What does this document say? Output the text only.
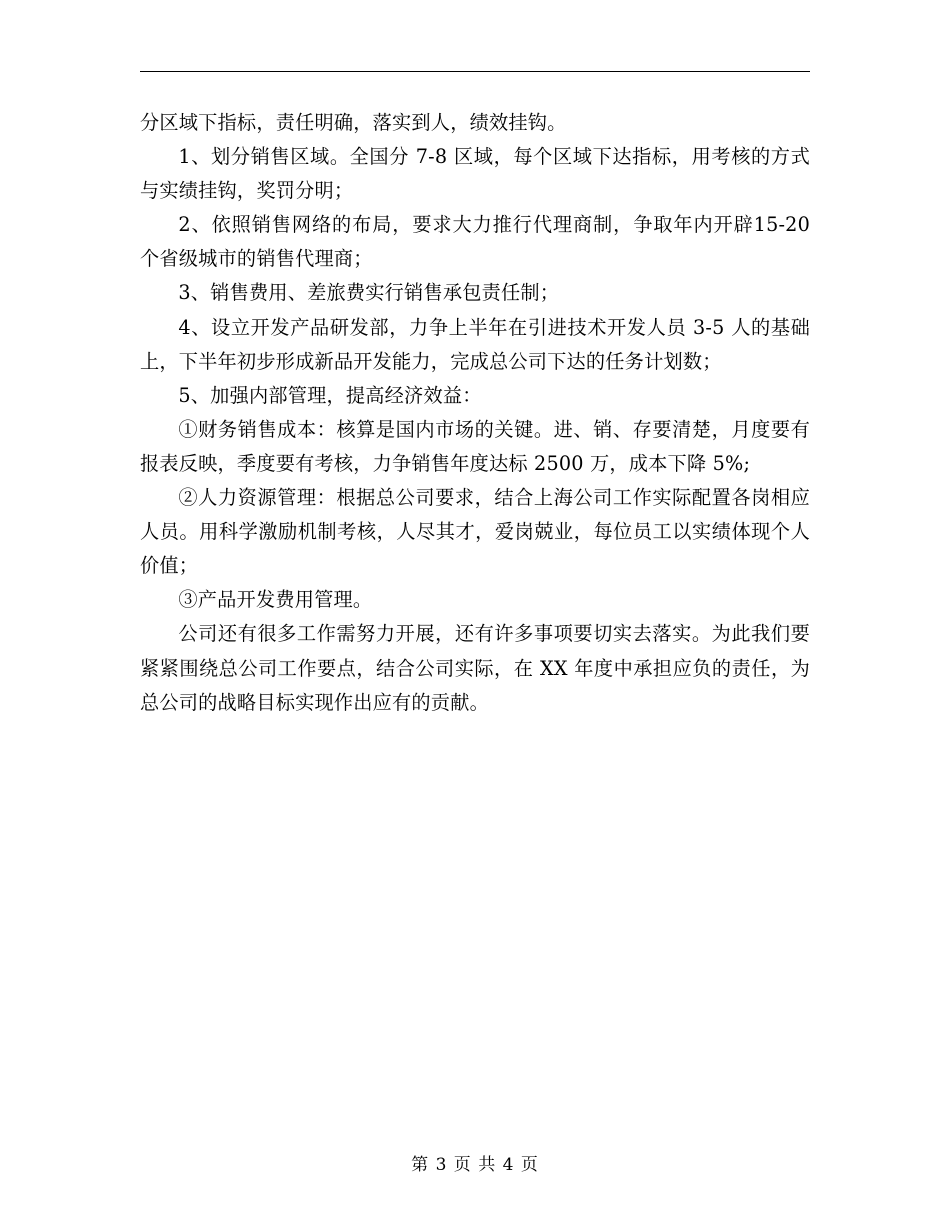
分区域下指标，责任明确，落实到人，绩效挂钩。

1、划分销售区域。全国分 7-8 区域，每个区域下达指标，用考核的方式与实绩挂钩，奖罚分明；

2、依照销售网络的布局，要求大力推行代理商制，争取年内开辟15-20 个省级城市的销售代理商；

3、销售费用、差旅费实行销售承包责任制；

4、设立开发产品研发部，力争上半年在引进技术开发人员 3-5 人的基础上，下半年初步形成新品开发能力，完成总公司下达的任务计划数；

5、加强内部管理，提高经济效益：

①财务销售成本：核算是国内市场的关键。进、销、存要清楚，月度要有报表反映，季度要有考核，力争销售年度达标 2500 万，成本下降 5%;

②人力资源管理：根据总公司要求，结合上海公司工作实际配置各岗相应人员。用科学激励机制考核，人尽其才，爱岗兢业，每位员工以实绩体现个人价值；

③产品开发费用管理。

公司还有很多工作需努力开展，还有许多事项要切实去落实。为此我们要紧紧围绕总公司工作要点，结合公司实际，在 XX 年度中承担应负的责任，为总公司的战略目标实现作出应有的贡献。

第 3 页 共 4 页
